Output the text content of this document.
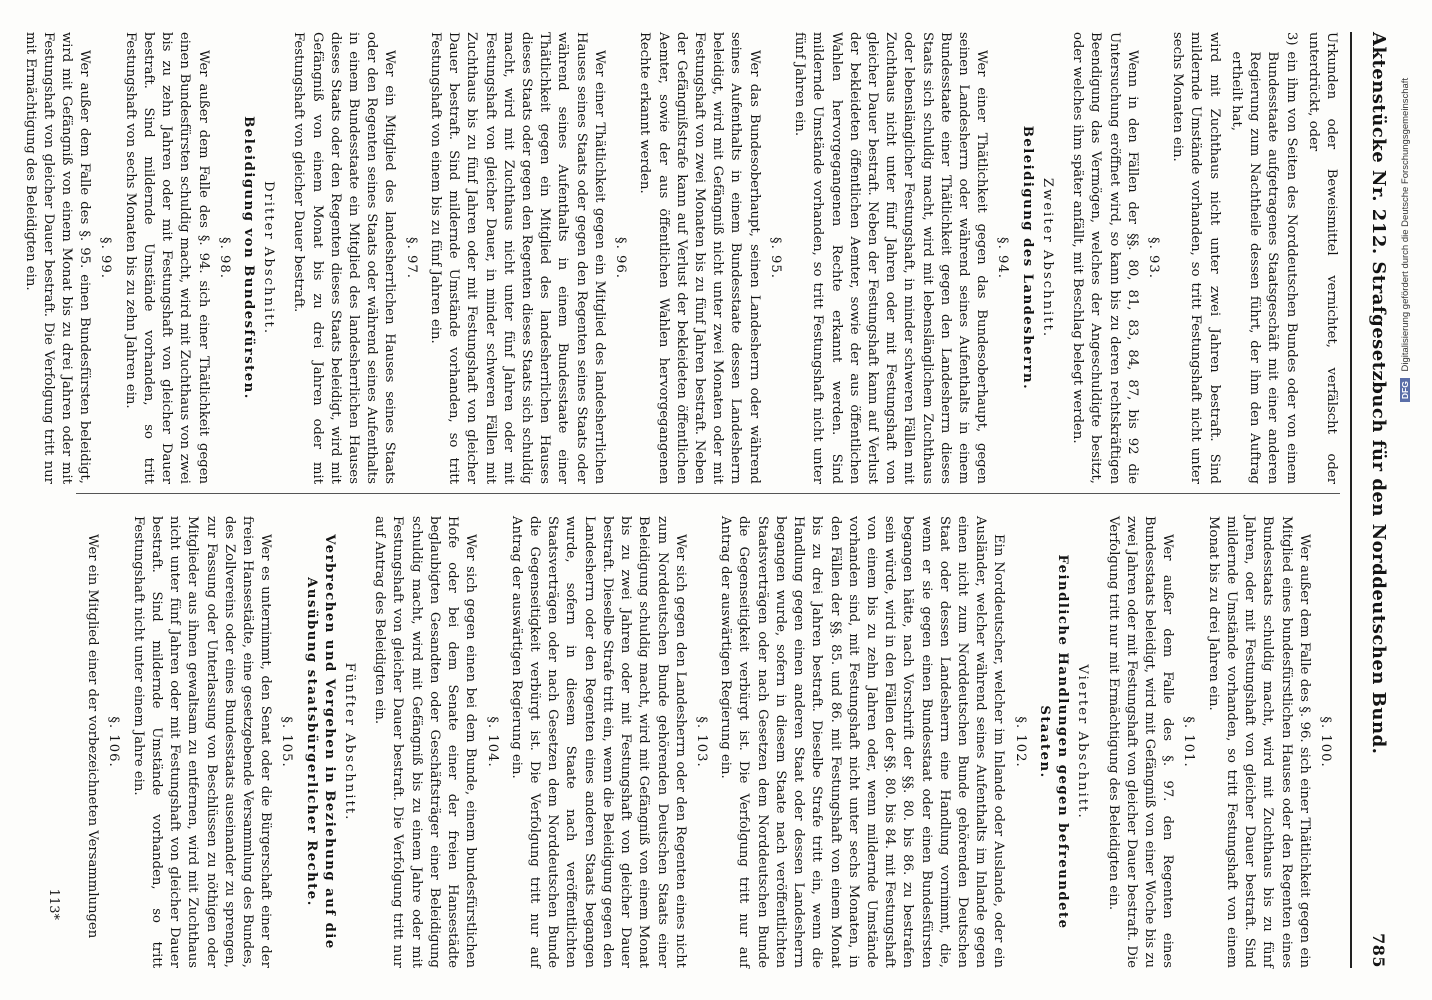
Aktenstücke Nr. 212. Strafgesetzbuch für den Norddeutschen Bund.
785

Urkunden oder Beweismittel vernichtet, verfälscht oder unterdrückt, oder

3)
ein ihm von Seiten des Norddeutschen Bundes oder von einem Bundesstaate aufgetragenes Staatsgeschäft mit einer anderen Regierung zum Nachtheile dessen führt, der ihm den Auftrag ertheilt hat,

wird mit Zuchthaus nicht unter zwei Jahren bestraft. Sind mildernde Umstände vorhanden, so tritt Festungshaft nicht unter sechs Monaten ein.

§. 93.

Wenn in den Fällen der §§. 80, 81, 83, 84, 87, bis 92 die Untersuchung eröffnet wird, so kann bis zu deren rechtskräftigen Beendigung das Vermögen, welches der Angeschuldigte besitzt, oder welches ihm später anfällt, mit Beschlag belegt werden.

Zweiter Abschnitt.
Beleidigung des Landesherrn.
§. 94.

Wer einer Thätlichkeit gegen das Bundesoberhaupt, gegen seinen Landesherrn oder während seines Aufenthalts in einem Bundesstaate einer Thätlichkeit gegen den Landesherrn dieses Staats sich schuldig macht, wird mit lebenslänglichem Zuchthaus oder lebenslänglicher Festungshaft, in minder schweren Fällen mit Zuchthaus nicht unter fünf Jahren oder mit Festungshaft von gleicher Dauer bestraft. Neben der Festungshaft kann auf Verlust der bekleideten öffentlichen Aemter, sowie der aus öffentlichen Wahlen hervorgegangenen Rechte erkannt werden. Sind mildernde Umstände vorhanden, so tritt Festungshaft nicht unter fünf Jahren ein.

§. 95.

Wer das Bundesoberhaupt, seinen Landesherrn oder während seines Aufenthalts in einem Bundesstaate dessen Landesherrn beleidigt, wird mit Gefängniß nicht unter zwei Monaten oder mit Festungshaft von zwei Monaten bis zu fünf Jahren bestraft. Neben der Gefängnißstrafe kann auf Verlust der bekleideten öffentlichen Aemter, sowie der aus öffentlichen Wahlen hervorgegangenen Rechte erkannt werden.

§. 96.

Wer einer Thätlichkeit gegen ein Mitglied des landesherrlichen Hauses seines Staats oder gegen den Regenten seines Staats oder während seines Aufenthalts in einem Bundesstaate einer Thätlichkeit gegen ein Mitglied des landesherrlichen Hauses dieses Staats oder gegen den Regenten dieses Staats sich schuldig macht, wird mit Zuchthaus nicht unter fünf Jahren oder mit Festungshaft von gleicher Dauer, in minder schweren Fällen mit Zuchthaus bis zu fünf Jahren oder mit Festungshaft von gleicher Dauer bestraft. Sind mildernde Umstände vorhanden, so tritt Festungshaft von einem bis zu fünf Jahren ein.

§. 97.

Wer ein Mitglied des landesherrlichen Hauses seines Staats oder den Regenten seines Staats oder während seines Aufenthalts in einem Bundesstaate ein Mitglied des landesherrlichen Hauses dieses Staats oder den Regenten dieses Staats beleidigt, wird mit Gefängniß von einem Monat bis zu drei Jahren oder mit Festungshaft von gleicher Dauer bestraft.

Dritter Abschnitt.
Beleidigung von Bundesfürsten.
§. 98.

Wer außer dem Falle des §. 94. sich einer Thätlichkeit gegen einen Bundesfürsten schuldig macht, wird mit Zuchthaus von zwei bis zu zehn Jahren oder mit Festungshaft von gleicher Dauer bestraft. Sind mildernde Umstände vorhanden, so tritt Festungshaft von sechs Monaten bis zu zehn Jahren ein.

§. 99.

Wer außer dem Falle des §. 95. einen Bundesfürsten beleidigt, wird mit Gefängniß von einem Monat bis zu drei Jahren oder mit Festungshaft von gleicher Dauer bestraft. Die Verfolgung tritt nur mit Ermächtigung des Beleidigten ein.

§. 100.

Wer außer dem Falle des §. 96. sich einer Thätlichkeit gegen ein Mitglied eines bundesfürstlichen Hauses oder den Regenten eines Bundesstaats schuldig macht, wird mit Zuchthaus bis zu fünf Jahren, oder mit Festungshaft von gleicher Dauer bestraft. Sind mildernde Umstände vorhanden, so tritt Festungshaft von einem Monat bis zu drei Jahren ein.

§. 101.

Wer außer dem Falle des §. 97. den Regenten eines Bundesstaats beleidigt, wird mit Gefängniß von einer Woche bis zu zwei Jahren oder mit Festungshaft von gleicher Dauer bestraft. Die Verfolgung tritt nur mit Ermächtigung des Beleidigten ein.

Vierter Abschnitt.
Feindliche Handlungen gegen befreundete Staaten.
§. 102.

Ein Norddeutscher, welcher im Inlande oder Auslande, oder ein Ausländer, welcher während seines Aufenthalts im Inlande gegen einen nicht zum Norddeutschen Bunde gehörenden Deutschen Staat oder dessen Landesherrn eine Handlung vornimmt, die, wenn er sie gegen einen Bundesstaat oder einen Bundesfürsten begangen hätte, nach Vorschrift der §§. 80. bis 86. zu bestrafen sein würde, wird in den Fällen der §§. 80. bis 84. mit Festungshaft von einem bis zu zehn Jahren oder, wenn mildernde Umstände vorhanden sind, mit Festungshaft nicht unter sechs Monaten, in den Fällen der §§. 85. und 86. mit Festungshaft von einem Monat bis zu drei Jahren bestraft. Dieselbe Strafe tritt ein, wenn die Handlung gegen einen anderen Staat oder dessen Landesherrn begangen wurde, sofern in diesem Staate nach veröffentlichten Staatsverträgen oder nach Gesetzen dem Norddeutschen Bunde die Gegenseitigkeit verbürgt ist. Die Verfolgung tritt nur auf Antrag der auswärtigen Regierung ein.

§. 103.

Wer sich gegen den Landesherrn oder den Regenten eines nicht zum Norddeutschen Bunde gehörenden Deutschen Staats einer Beleidigung schuldig macht, wird mit Gefängniß von einem Monat bis zu zwei Jahren oder mit Festungshaft von gleicher Dauer bestraft. Dieselbe Strafe tritt ein, wenn die Beleidigung gegen den Landesherrn oder den Regenten eines anderen Staats begangen wurde, sofern in diesem Staate nach veröffentlichten Staatsverträgen oder nach Gesetzen dem Norddeutschen Bunde die Gegenseitigkeit verbürgt ist. Die Verfolgung tritt nur auf Antrag der auswärtigen Regierung ein.

§. 104.

Wer sich gegen einen bei dem Bunde, einem bundesfürstlichen Hofe oder bei dem Senate einer der freien Hansestädte beglaubigten Gesandten oder Geschäftsträger einer Beleidigung schuldig macht, wird mit Gefängniß bis zu einem Jahre oder mit Festungshaft von gleicher Dauer bestraft. Die Verfolgung tritt nur auf Antrag des Beleidigten ein.

Fünfter Abschnitt.
Verbrechen und Vergehen in Beziehung auf die Ausübung staatsbürgerlicher Rechte.
§. 105.

Wer es unternimmt, den Senat oder die Bürgerschaft einer der freien Hansestädte, eine gesetzgebende Versammlung des Bundes, des Zollvereins oder eines Bundesstaats auseinander zu sprengen, zur Fassung oder Unterlassung von Beschlüssen zu nöthigen oder Mitglieder aus ihnen gewaltsam zu entfernen, wird mit Zuchthaus nicht unter fünf Jahren oder mit Festungshaft von gleicher Dauer bestraft. Sind mildernde Umstände vorhanden, so tritt Festungshaft nicht unter einem Jahre ein.

§. 106.

Wer ein Mitglied einer der vorbezeichneten Versammlungen

113*
DFG Digitalisierung gefördert durch die Deutsche Forschungsgemeinschaft
